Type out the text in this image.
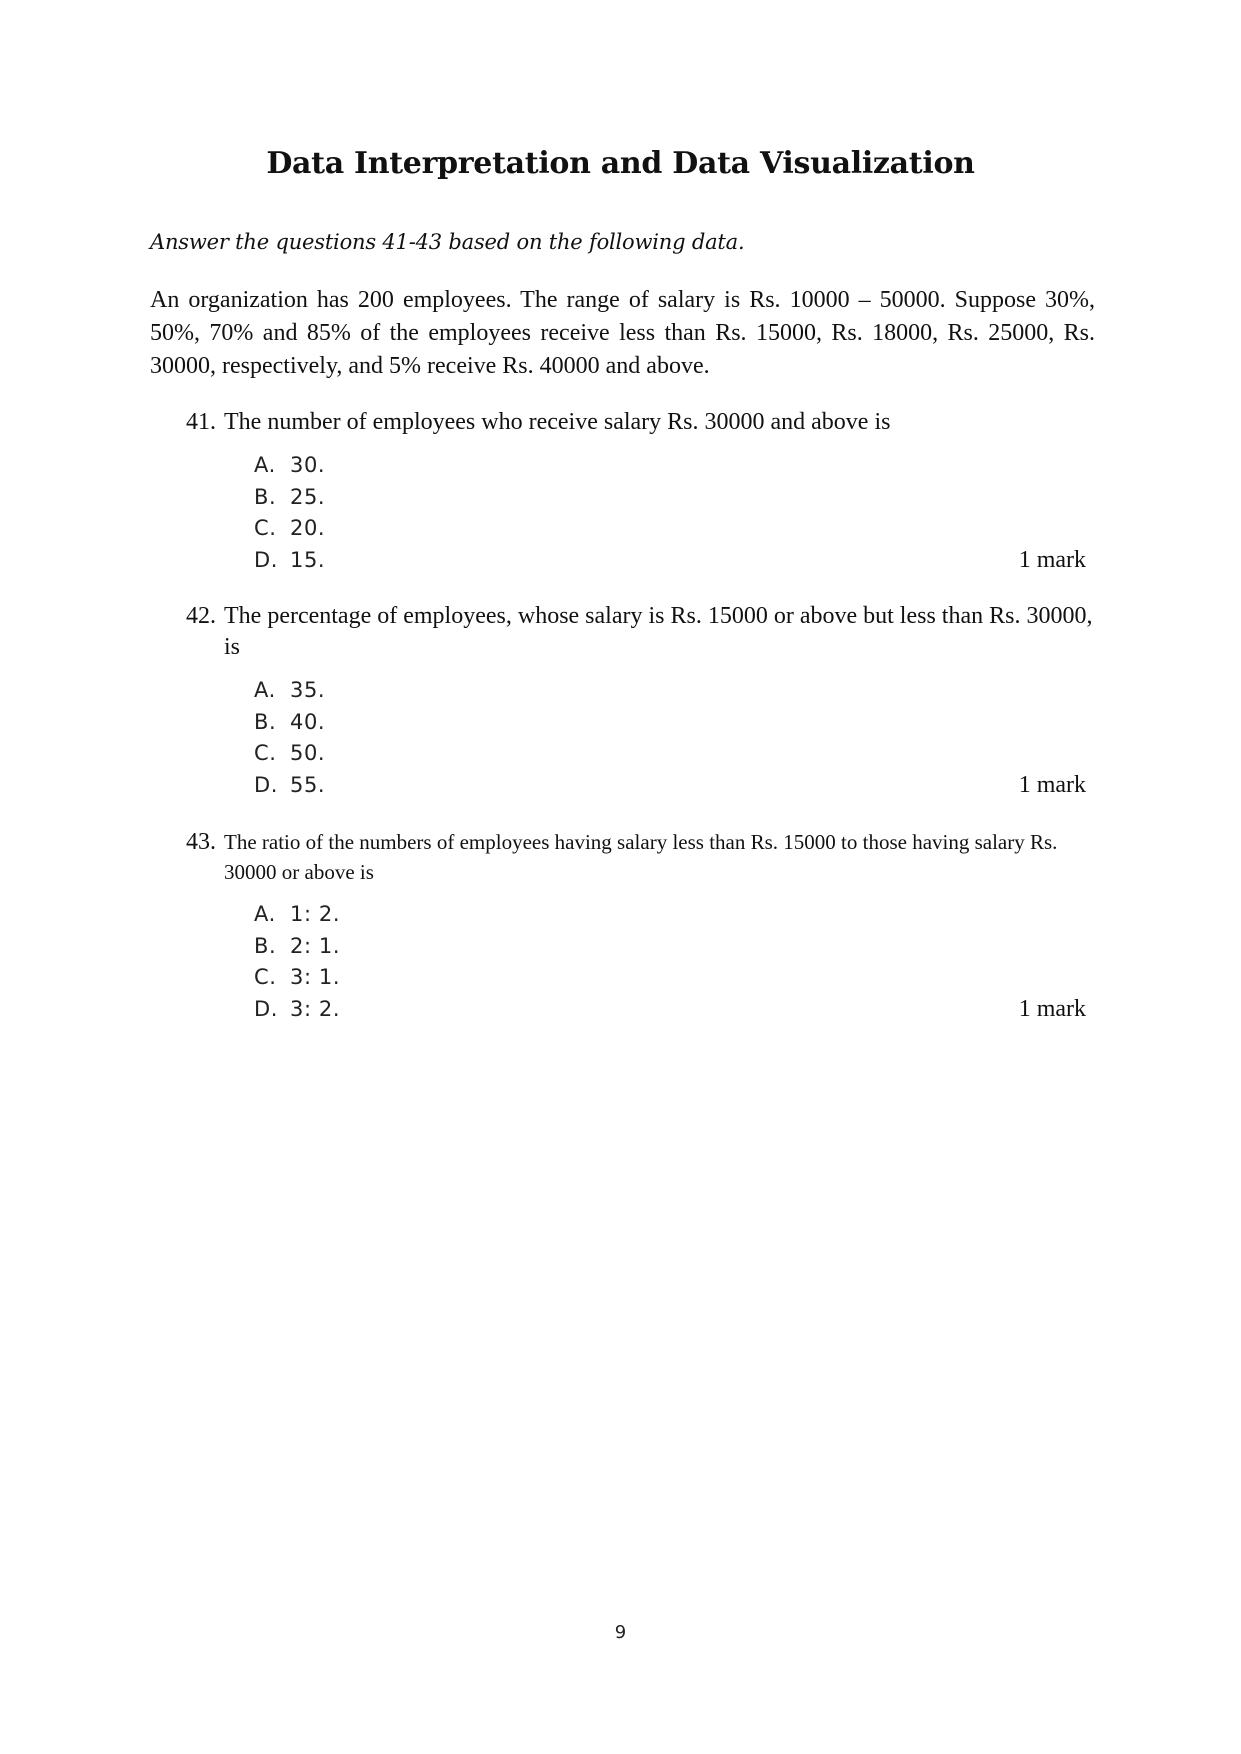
Data Interpretation and Data Visualization

Answer the questions 41-43 based on the following data.

An organization has 200 employees. The range of salary is Rs. 10000 – 50000. Suppose 30%, 50%, 70% and 85% of the employees receive less than Rs. 15000, Rs. 18000, Rs. 25000, Rs. 30000, respectively, and 5% receive Rs. 40000 and above.

41. The number of employees who receive salary Rs. 30000 and above is
A. 30.
B. 25.
C. 20.
D. 15.	1 mark
42. The percentage of employees, whose salary is Rs. 15000 or above but less than Rs. 30000, is
A. 35.
B. 40.
C. 50.
D. 55.	1 mark
43. The ratio of the numbers of employees having salary less than Rs. 15000 to those having salary Rs. 30000 or above is
A. 1: 2.
B. 2: 1.
C. 3: 1.
D. 3: 2.	1 mark
9
